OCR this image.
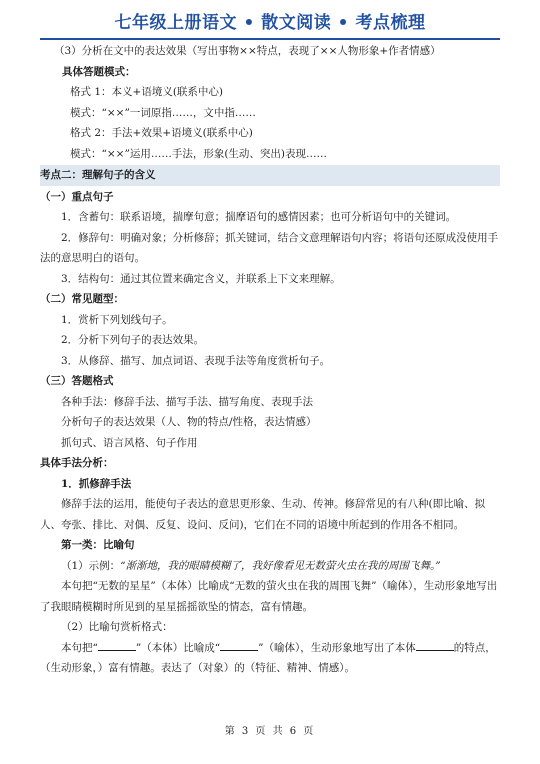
七年级上册语文 • 散文阅读 • 考点梳理
（3）分析在文中的表达效果（写出事物××特点，表现了××人物形象+作者情感）
具体答题模式：
格式 1：本义+语境义(联系中心)
模式：“××”一词原指……，文中指……
格式 2：手法+效果+语境义(联系中心)
模式：“××”运用……手法，形象(生动、突出)表现……
考点二：理解句子的含义
（一）重点句子
1．含蓄句：联系语境，揣摩句意；揣摩语句的感情因素；也可分析语句中的关键词。
2．修辞句：明确对象；分析修辞；抓关键词，结合文意理解语句内容；将语句还原成没使用手法的意思明白的语句。
3．结构句：通过其位置来确定含义，并联系上下文来理解。
（二）常见题型：
1．赏析下列划线句子。
2．分析下列句子的表达效果。
3．从修辞、描写、加点词语、表现手法等角度赏析句子。
（三）答题格式
各种手法：修辞手法、描写手法、描写角度、表现手法
分析句子的表达效果（人、物的特点/性格，表达情感）
抓句式、语言风格、句子作用
具体手法分析：
1．抓修辞手法
修辞手法的运用，能使句子表达的意思更形象、生动、传神。修辞常见的有八种(即比喻、拟人、夸张、排比、对偶、反复、设问、反问)，它们在不同的语境中所起到的作用各不相同。
第一类：比喻句
（1）示例：“渐渐地，我的眼睛模糊了，我好像看见无数萤火虫在我的周围飞舞。”
本句把“无数的星星”（本体）比喻成“无数的萤火虫在我的周围飞舞”（喻体），生动形象地写出了我眼睛模糊时所见到的星星摇摇欲坠的情态，富有情趣。
（2）比喻句赏析格式：
本句把“	”（本体）比喻成“	”（喻体），生动形象地写出了本体	的特点，（生动形象，）富有情趣。表达了（对象）的（特征、精神、情感）。
第 3 页 共 6 页
